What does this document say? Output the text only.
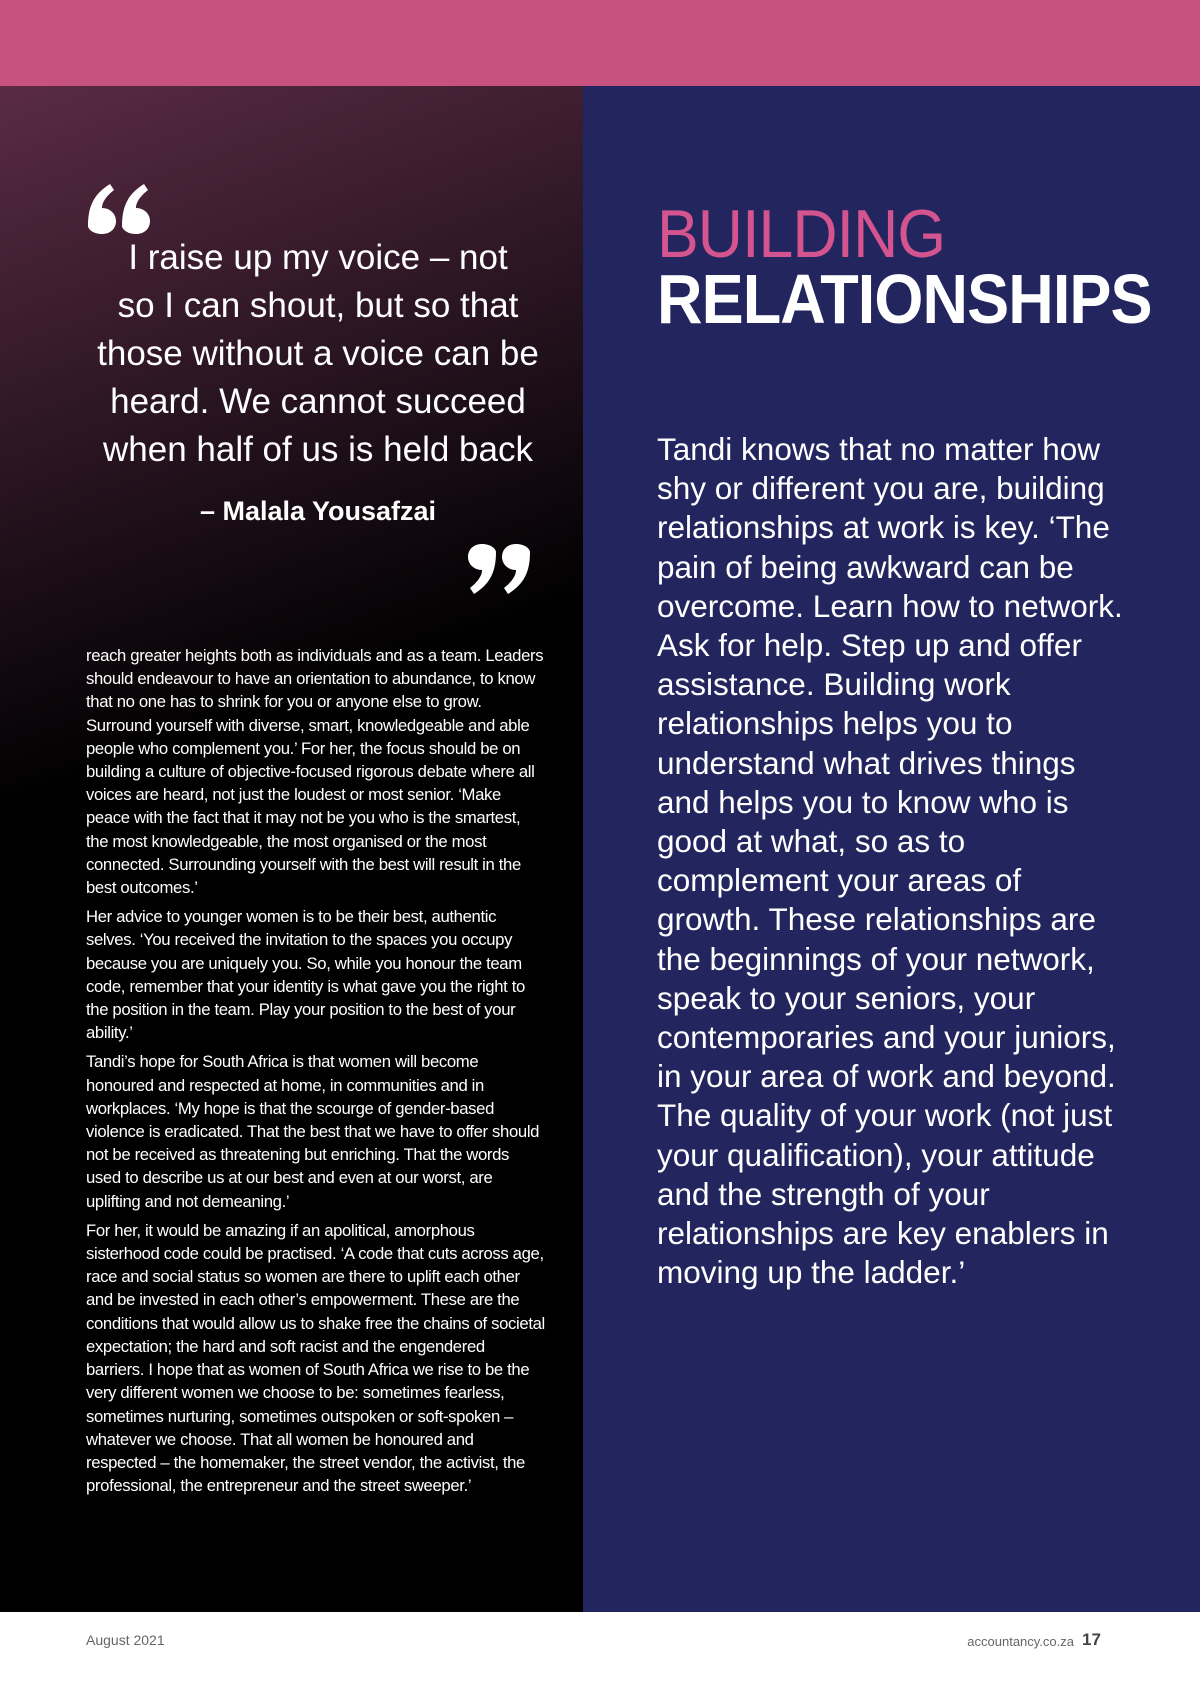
I raise up my voice – not
so I can shout, but so that
those without a voice can be
heard. We cannot succeed
when half of us is held back
– Malala Yousafzai

reach greater heights both as individuals and as a team. Leaders should endeavour to have an orientation to abundance, to know that no one has to shrink for you or anyone else to grow. Surround yourself with diverse, smart, knowledgeable and able people who complement you.’ For her, the focus should be on building a culture of objective-focused rigorous debate where all voices are heard, not just the loudest or most senior. ‘Make peace with the fact that it may not be you who is the smartest, the most knowledgeable, the most organised or the most connected. Surrounding yourself with the best will result in the best outcomes.’

Her advice to younger women is to be their best, authentic selves. ‘You received the invitation to the spaces you occupy because you are uniquely you. So, while you honour the team code, remember that your identity is what gave you the right to the position in the team. Play your position to the best of your ability.’

Tandi’s hope for South Africa is that women will become honoured and respected at home, in communities and in workplaces. ‘My hope is that the scourge of gender-based violence is eradicated. That the best that we have to offer should not be received as threatening but enriching. That the words used to describe us at our best and even at our worst, are uplifting and not demeaning.’

For her, it would be amazing if an apolitical, amorphous sisterhood code could be practised. ‘A code that cuts across age, race and social status so women are there to uplift each other and be invested in each other’s empowerment. These are the conditions that would allow us to shake free the chains of societal expectation; the hard and soft racist and the engendered barriers. I hope that as women of South Africa we rise to be the very different women we choose to be: sometimes fearless, sometimes nurturing, sometimes outspoken or soft-spoken – whatever we choose. That all women be honoured and respected – the homemaker, the street vendor, the activist, the professional, the entrepreneur and the street sweeper.’

BUILDING
RELATIONSHIPS

Tandi knows that no matter how shy or different you are, building relationships at work is key. ‘The pain of being awkward can be overcome. Learn how to network. Ask for help. Step up and offer assistance. Building work relationships helps you to understand what drives things and helps you to know who is good at what, so as to complement your areas of growth. These relationships are the beginnings of your network, speak to your seniors, your contemporaries and your juniors, in your area of work and beyond. The quality of your work (not just your qualification), your attitude and the strength of your relationships are key enablers in moving up the ladder.’

August 2021	accountancy.co.za 17
